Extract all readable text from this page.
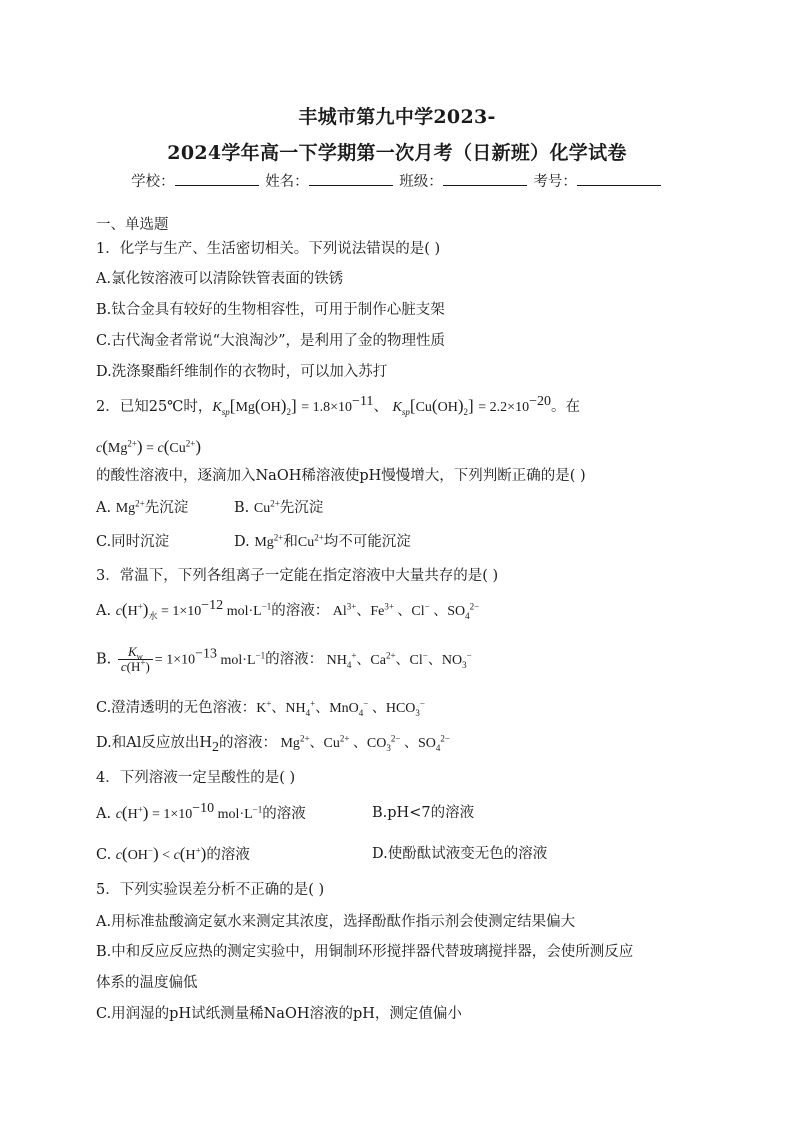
丰城市第九中学2023-
2024学年高一下学期第一次月考（日新班）化学试卷
学校：	姓名：	班级：	考号：
一、单选题
1．化学与生产、生活密切相关。下列说法错误的是( )
A.氯化铵溶液可以清除铁管表面的铁锈
B.钛合金具有较好的生物相容性，可用于制作心脏支架
C.古代淘金者常说“大浪淘沙”，是利用了金的物理性质
D.洗涤聚酯纤维制作的衣物时，可以加入苏打
2．已知25℃时，$K_{sp}[Mg(OH)_2] = 1.8\times 10^{-11}$、 $K_{sp}[Cu(OH)_2] = 2.2\times 10^{-20}$。在
$c(Mg^{2+}) = c(Cu^{2+})$
的酸性溶液中，逐滴加入NaOH稀溶液使pH慢慢增大，下列判断正确的是( )
A. $Mg^{2+}$先沉淀	B. $Cu^{2+}$先沉淀
C.同时沉淀	D. $Mg^{2+}$和$Cu^{2+}$均不可能沉淀
3．常温下，下列各组离子一定能在指定溶液中大量共存的是( )
A. $c(H^+)_水 = 1\times 10^{-12}$ $mol\cdot L^{-1}$的溶液： $Al^{3+}$、$Fe^{3+}$ 、Cl− 、$SO_4^{2-}$
B. $\frac{K_w}{c(H^+)} = 1\times 10^{-13}$ $mol\cdot L^{-1}$的溶液： $NH_4^+$、$Ca^{2+}$、Cl−、$NO_3^-$
C.澄清透明的无色溶液：K+、$NH_4^+$、MnO$_4$− 、$HCO_3^-$
D.和Al反应放出$H_2$的溶液： $Mg^{2+}$、$Cu^{2+}$ 、$CO_3^{2-}$ 、$SO_4^{2-}$
4．下列溶液一定呈酸性的是( )
A. $c(H^+) = 1\times 10^{-10}$ $mol\cdot L^{-1}$的溶液	B.pH<7的溶液
C. c(OH−) < c(H+)的溶液	D.使酚酞试液变无色的溶液
5．下列实验误差分析不正确的是( )
A.用标准盐酸滴定氨水来测定其浓度，选择酚酞作指示剂会使测定结果偏大
B.中和反应反应热的测定实验中，用铜制环形搅拌器代替玻璃搅拌器，会使所测反应
体系的温度偏低
C.用润湿的pH试纸测量稀NaOH溶液的pH，测定值偏小
